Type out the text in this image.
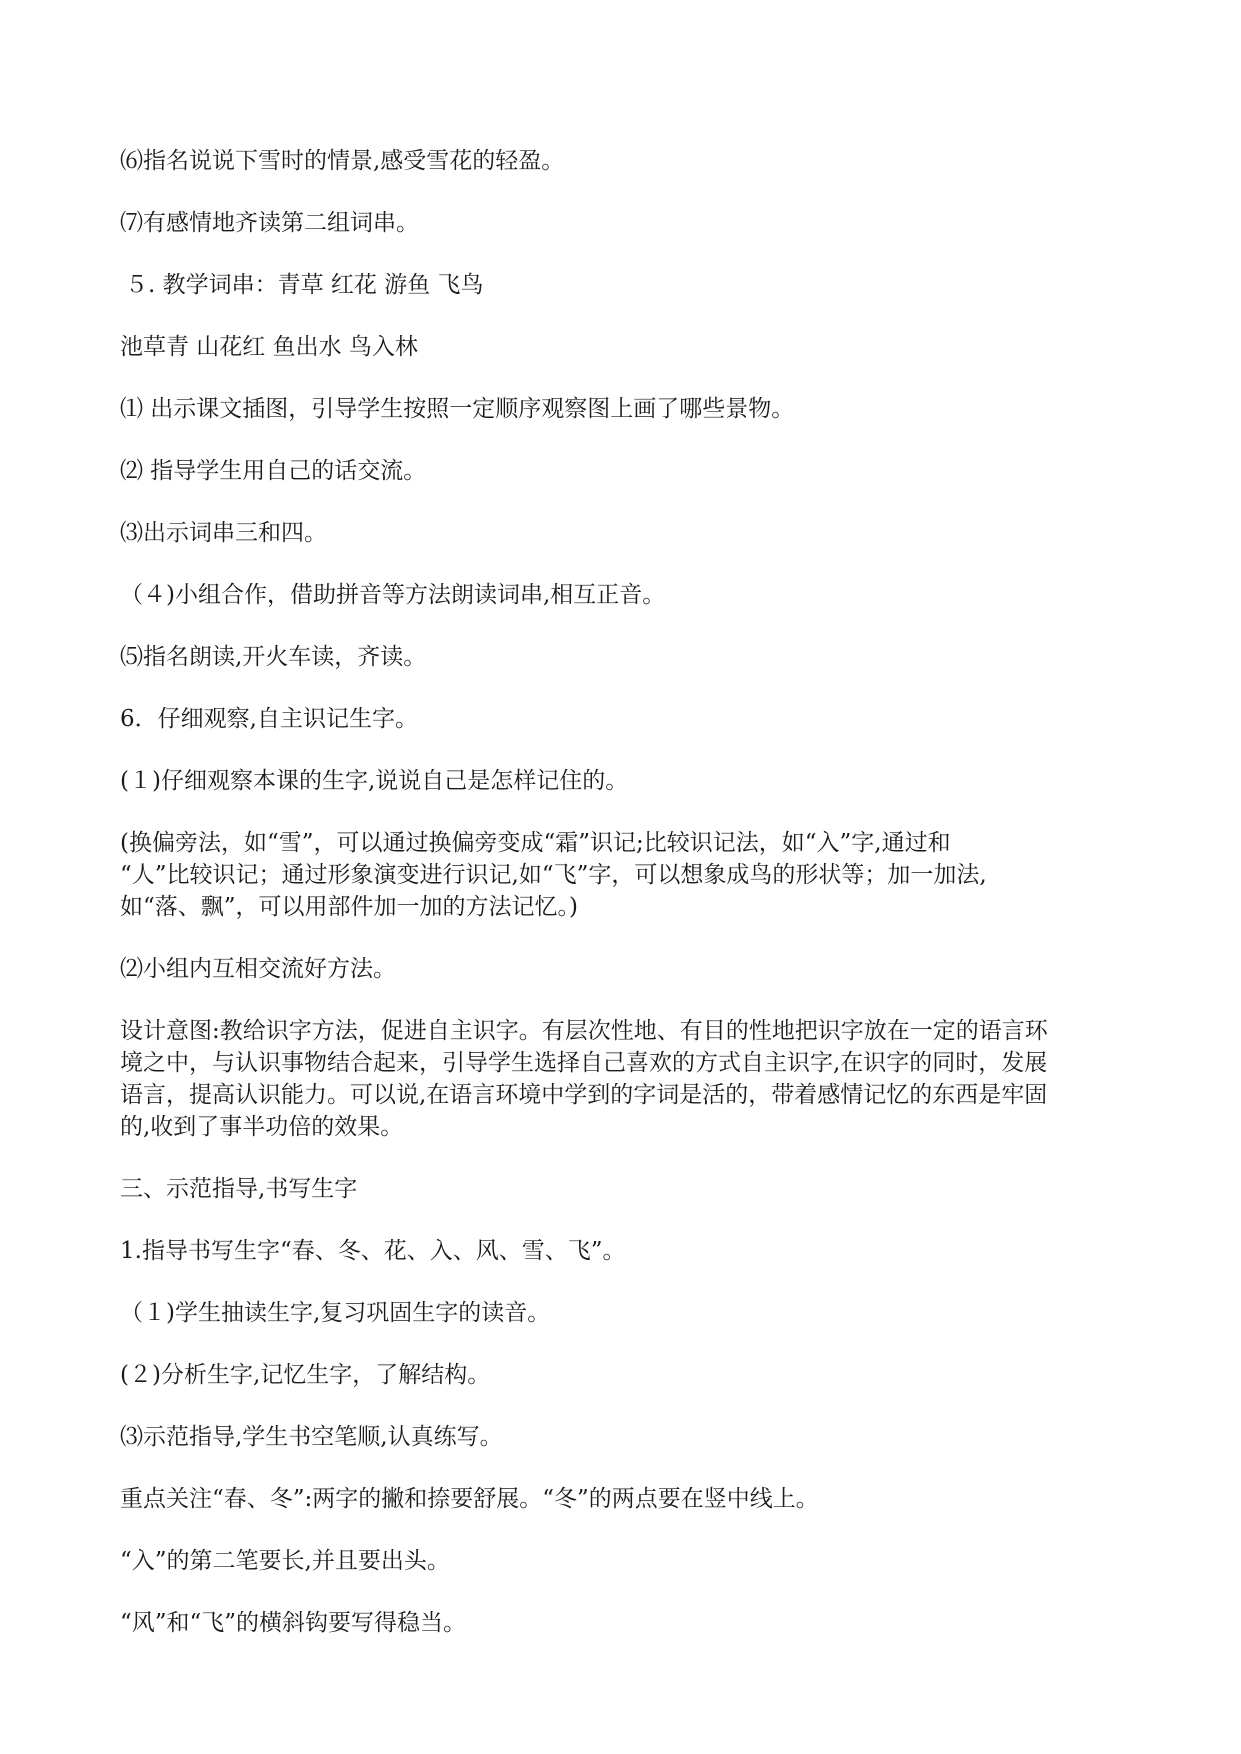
⑹指名说说下雪时的情景,感受雪花的轻盈。
⑺有感情地齐读第二组词串。
５. 教学词串：青草 红花 游鱼 飞鸟
池草青 山花红 鱼出水 鸟入林
⑴ 出示课文插图，引导学生按照一定顺序观察图上画了哪些景物。
⑵ 指导学生用自己的话交流。
⑶出示词串三和四。
（４)小组合作，借助拼音等方法朗读词串,相互正音。
⑸指名朗读,开火车读，齐读。
6．仔细观察,自主识记生字。
(１)仔细观察本课的生字,说说自己是怎样记住的。
(换偏旁法，如“雪”，可以通过换偏旁变成“霜”识记;比较识记法，如“入”字,通过和
“人”比较识记；通过形象演变进行识记,如“飞”字，可以想象成鸟的形状等；加一加法,
如“落、飘”，可以用部件加一加的方法记忆。)
⑵小组内互相交流好方法。
设计意图:教给识字方法，促进自主识字。有层次性地、有目的性地把识字放在一定的语言环
境之中，与认识事物结合起来，引导学生选择自己喜欢的方式自主识字,在识字的同时，发展
语言，提高认识能力。可以说,在语言环境中学到的字词是活的，带着感情记忆的东西是牢固
的,收到了事半功倍的效果。
三、示范指导,书写生字
1.指导书写生字“春、冬、花、入、风、雪、飞”。
（１)学生抽读生字,复习巩固生字的读音。
(２)分析生字,记忆生字，了解结构。
⑶示范指导,学生书空笔顺,认真练写。
重点关注“春、冬”:两字的撇和捺要舒展。“冬”的两点要在竖中线上。
“入”的第二笔要长,并且要出头。
“风”和“飞”的横斜钩要写得稳当。
